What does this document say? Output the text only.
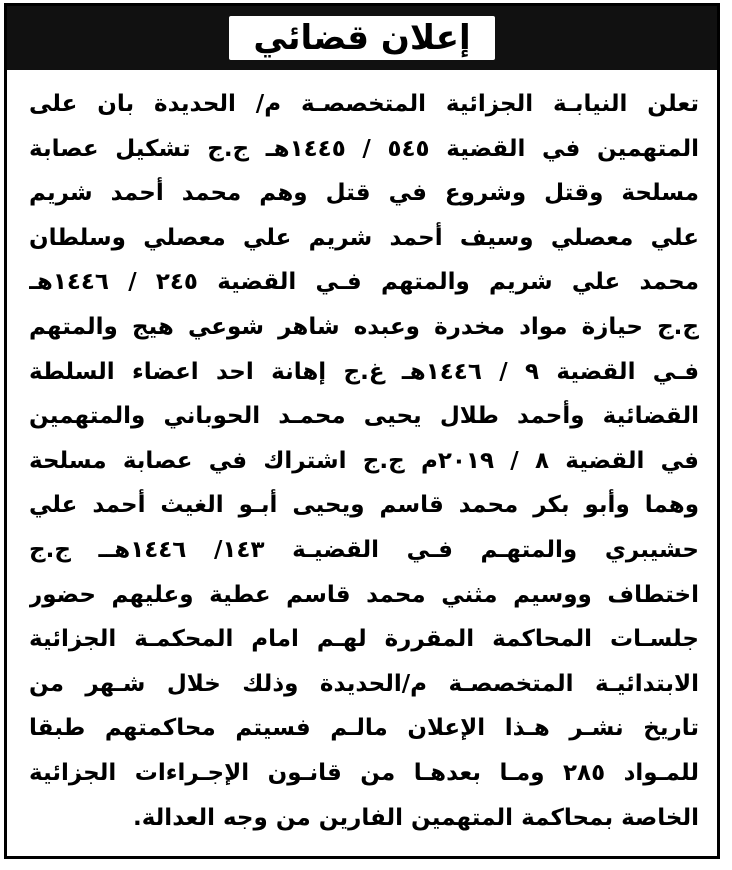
إعلان قضائي
تعلن النيابـة الجزائية المتخصصـة م/ الحديدة بان على
المتهمين في القضية ٥٤٥ / ١٤٤٥هـ ج.ج تشكيل عصابة
مسلحة وقتل وشروع في قتل وهم محمد أحمد شريم
علي معصلي وسيف أحمد شريم علي معصلي وسلطان
محمد علي شريم والمتهم فـي القضية ٢٤٥ / ١٤٤٦هـ
ج.ج حيازة مواد مخدرة وعبده شاهر شوعي هيج والمتهم
فـي القضية ٩ / ١٤٤٦هـ غ.ج إهانة احد اعضاء السلطة
القضائية وأحمد طلال يحيى محمـد الحوباني والمتهمين
في القضية ٨ / ٢٠١٩م ج.ج اشتراك في عصابة مسلحة
وهما وأبو بكر محمد قاسم ويحيى أبـو الغيث أحمد علي
حشيبري والمتهـم فـي القضيـة ١٤٣/ ١٤٤٦هــ ج.ج
اختطاف ووسيم مثني محمد قاسم عطية وعليهم حضور
جلسـات المحاكمة المقررة لهـم امام المحكمـة الجزائية
الابتدائيـة المتخصصـة م/الحديدة وذلك خلال شـهر من
تاريخ نشـر هـذا الإعلان مالـم فسيتم محاكمتهم طبقا
للمـواد ٢٨٥ ومـا بعدهـا من قانـون الإجـراءات الجزائية
الخاصة بمحاكمة المتهمين الفارين من وجه العدالة.
